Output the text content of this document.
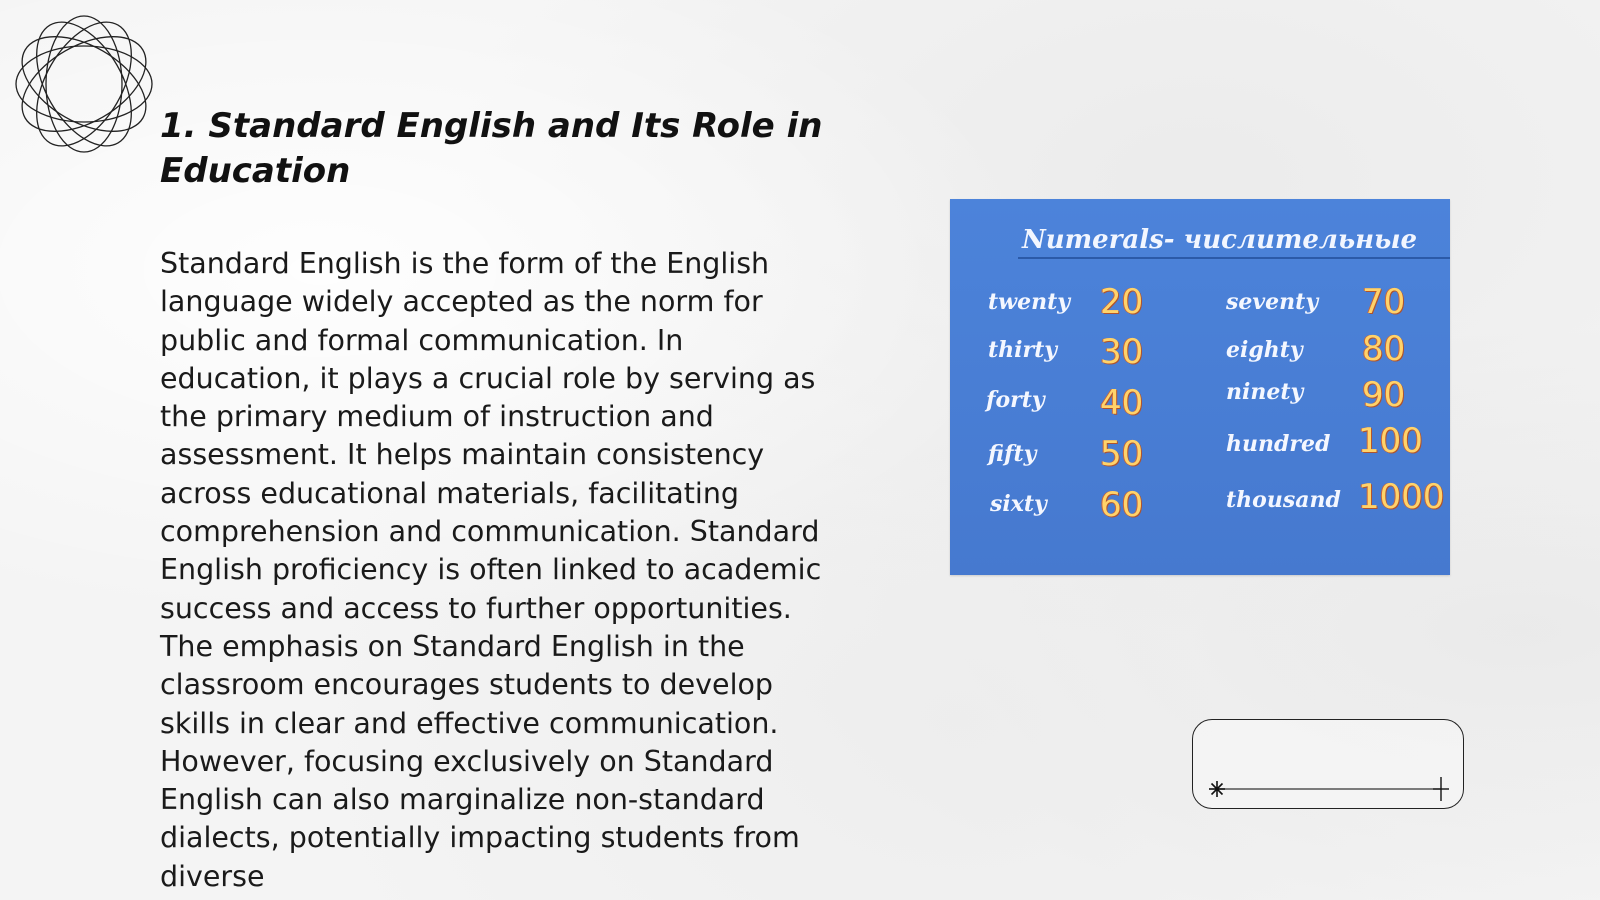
1. Standard English and Its Role in Education

Standard English is the form of the English language widely accepted as the norm for public and formal communication. In education, it plays a crucial role by serving as the primary medium of instruction and assessment. It helps maintain consistency across educational materials, facilitating comprehension and communication. Standard English proficiency is often linked to academic success and access to further opportunities. The emphasis on Standard English in the classroom encourages students to develop skills in clear and effective communication. However, focusing exclusively on Standard English can also marginalize non-standard dialects, potentially impacting students from diverse

Numerals- числительные
twenty 20
thirty 30
forty 40
fifty 50
sixty 60
seventy 70
eighty 80
ninety 90
hundred 100
thousand 1000
